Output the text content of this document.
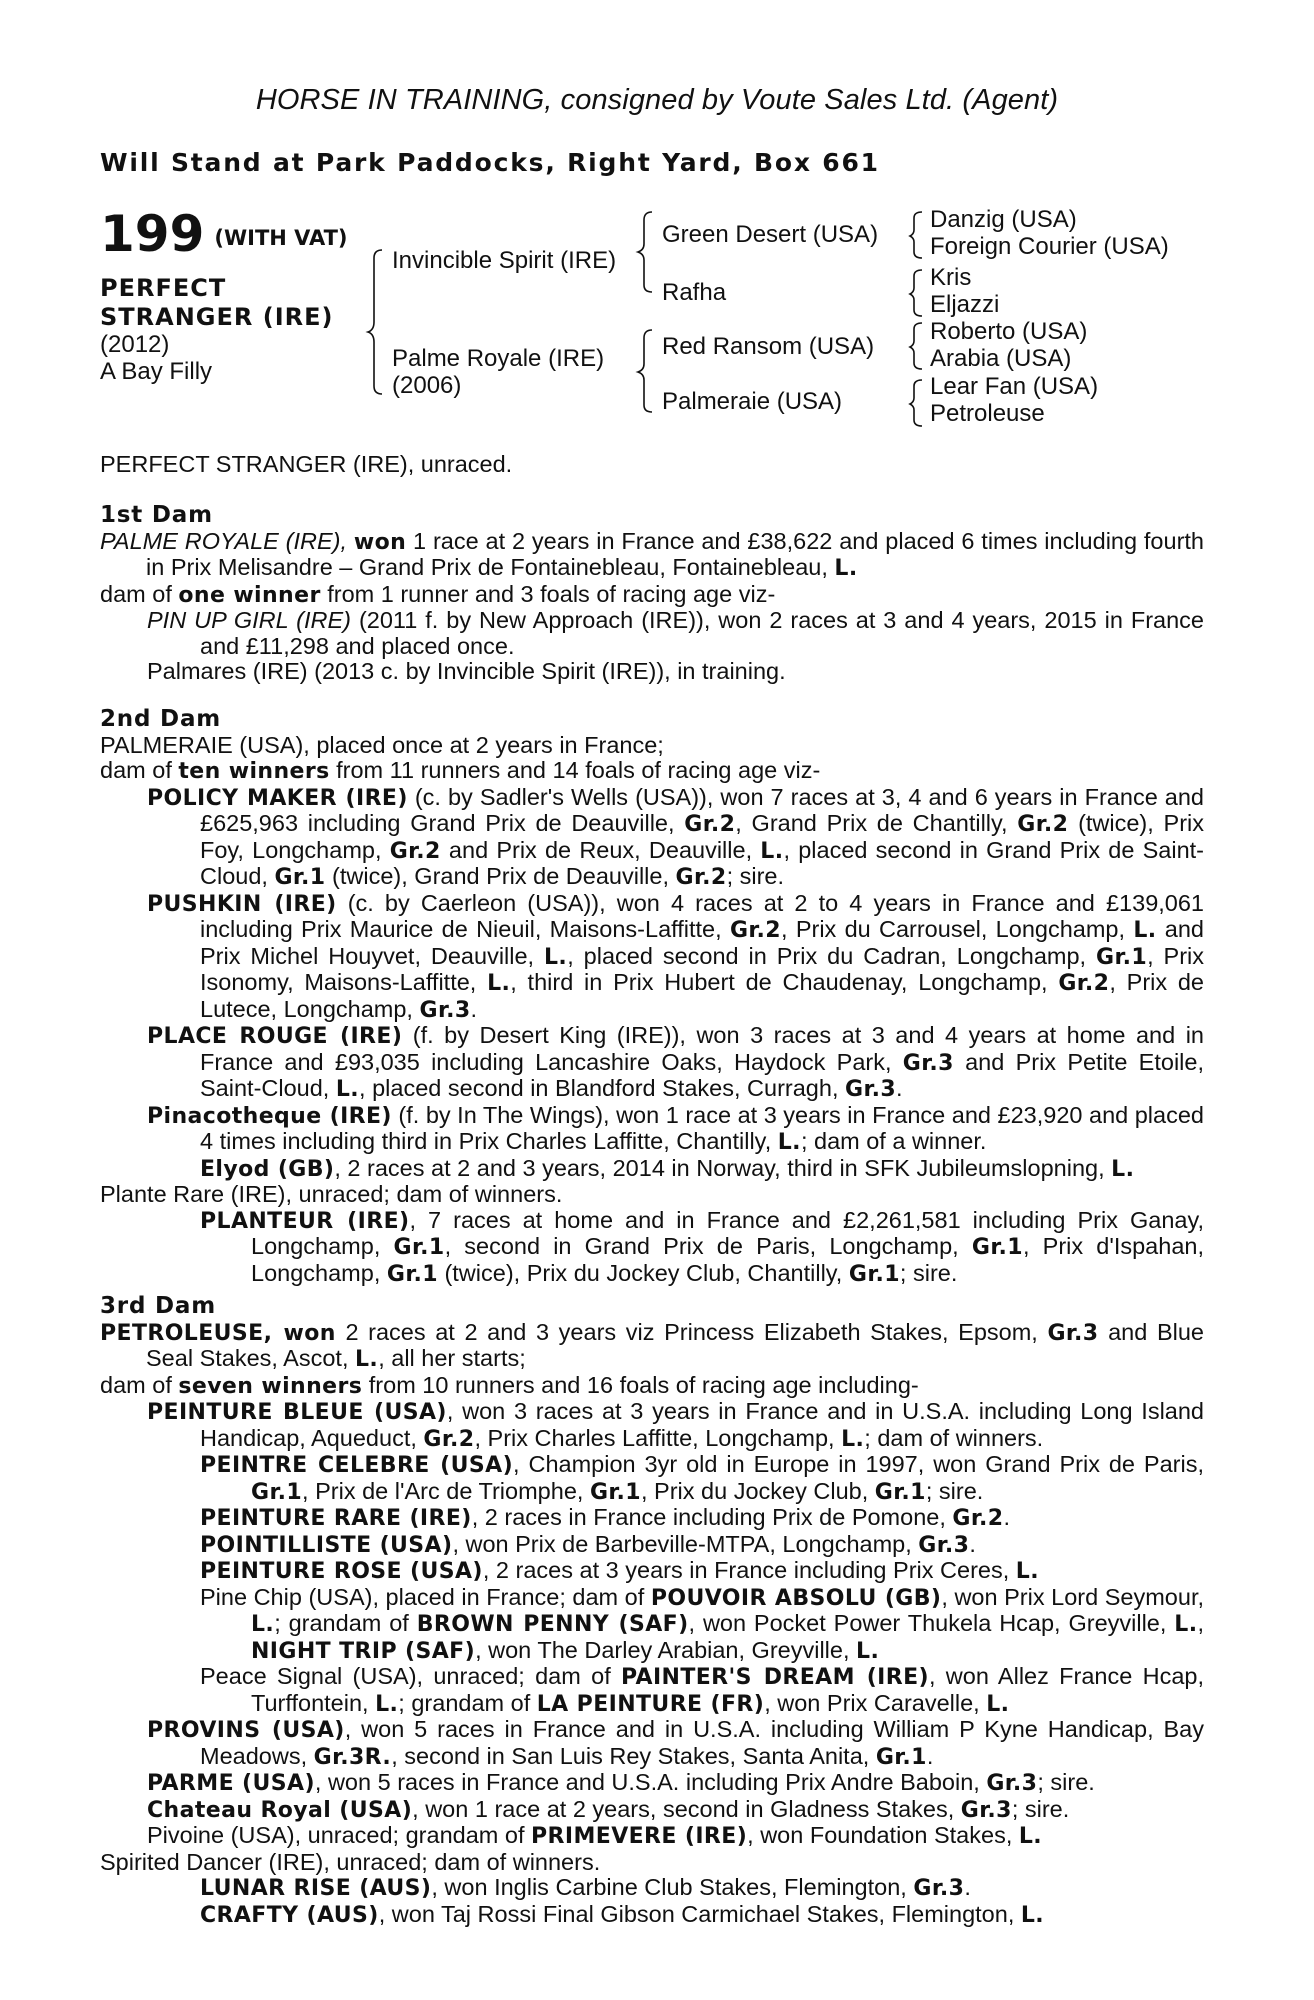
HORSE IN TRAINING, consigned by Voute Sales Ltd. (Agent)
Will Stand at Park Paddocks, Right Yard, Box 661
199 (WITH VAT)
PERFECT
STRANGER (IRE)
(2012)
A Bay Filly
Invincible Spirit (IRE)
Palme Royale (IRE)
(2006)
Green Desert (USA)
Rafha
Red Ransom (USA)
Palmeraie (USA)
Danzig (USA)
Foreign Courier (USA)
Kris
Eljazzi
Roberto (USA)
Arabia (USA)
Lear Fan (USA)
Petroleuse
PERFECT STRANGER (IRE), unraced.
1st Dam

PALME ROYALE (IRE), won 1 race at 2 years in France and £38,622 and placed 6 times including fourth in Prix Melisandre – Grand Prix de Fontainebleau, Fontainebleau, L.

dam of one winner from 1 runner and 3 foals of racing age viz-

PIN UP GIRL (IRE) (2011 f. by New Approach (IRE)), won 2 races at 3 and 4 years, 2015 in France and £11,298 and placed once.

Palmares (IRE) (2013 c. by Invincible Spirit (IRE)), in training.

2nd Dam

PALMERAIE (USA), placed once at 2 years in France;

dam of ten winners from 11 runners and 14 foals of racing age viz-

POLICY MAKER (IRE) (c. by Sadler's Wells (USA)), won 7 races at 3, 4 and 6 years in France and £625,963 including Grand Prix de Deauville, Gr.2, Grand Prix de Chantilly, Gr.2 (twice), Prix Foy, Longchamp, Gr.2 and Prix de Reux, Deauville, L., placed second in Grand Prix de Saint-Cloud, Gr.1 (twice), Grand Prix de Deauville, Gr.2; sire.

PUSHKIN (IRE) (c. by Caerleon (USA)), won 4 races at 2 to 4 years in France and £139,061 including Prix Maurice de Nieuil, Maisons-Laffitte, Gr.2, Prix du Carrousel, Longchamp, L. and Prix Michel Houyvet, Deauville, L., placed second in Prix du Cadran, Longchamp, Gr.1, Prix Isonomy, Maisons-Laffitte, L., third in Prix Hubert de Chaudenay, Longchamp, Gr.2, Prix de Lutece, Longchamp, Gr.3.

PLACE ROUGE (IRE) (f. by Desert King (IRE)), won 3 races at 3 and 4 years at home and in France and £93,035 including Lancashire Oaks, Haydock Park, Gr.3 and Prix Petite Etoile, Saint-Cloud, L., placed second in Blandford Stakes, Curragh, Gr.3.

Pinacotheque (IRE) (f. by In The Wings), won 1 race at 3 years in France and £23,920 and placed 4 times including third in Prix Charles Laffitte, Chantilly, L.; dam of a winner.

Elyod (GB), 2 races at 2 and 3 years, 2014 in Norway, third in SFK Jubileumslopning, L.

Plante Rare (IRE), unraced; dam of winners.

PLANTEUR (IRE), 7 races at home and in France and £2,261,581 including Prix Ganay, Longchamp, Gr.1, second in Grand Prix de Paris, Longchamp, Gr.1, Prix d'Ispahan, Longchamp, Gr.1 (twice), Prix du Jockey Club, Chantilly, Gr.1; sire.

3rd Dam

PETROLEUSE, won 2 races at 2 and 3 years viz Princess Elizabeth Stakes, Epsom, Gr.3 and Blue Seal Stakes, Ascot, L., all her starts;

dam of seven winners from 10 runners and 16 foals of racing age including-

PEINTURE BLEUE (USA), won 3 races at 3 years in France and in U.S.A. including Long Island Handicap, Aqueduct, Gr.2, Prix Charles Laffitte, Longchamp, L.; dam of winners.

PEINTRE CELEBRE (USA), Champion 3yr old in Europe in 1997, won Grand Prix de Paris, Gr.1, Prix de l'Arc de Triomphe, Gr.1, Prix du Jockey Club, Gr.1; sire.

PEINTURE RARE (IRE), 2 races in France including Prix de Pomone, Gr.2.

POINTILLISTE (USA), won Prix de Barbeville-MTPA, Longchamp, Gr.3.

PEINTURE ROSE (USA), 2 races at 3 years in France including Prix Ceres, L.

Pine Chip (USA), placed in France; dam of POUVOIR ABSOLU (GB), won Prix Lord Seymour, L.; grandam of BROWN PENNY (SAF), won Pocket Power Thukela Hcap, Greyville, L., NIGHT TRIP (SAF), won The Darley Arabian, Greyville, L.

Peace Signal (USA), unraced; dam of PAINTER'S DREAM (IRE), won Allez France Hcap, Turffontein, L.; grandam of LA PEINTURE (FR), won Prix Caravelle, L.

PROVINS (USA), won 5 races in France and in U.S.A. including William P Kyne Handicap, Bay Meadows, Gr.3R., second in San Luis Rey Stakes, Santa Anita, Gr.1.

PARME (USA), won 5 races in France and U.S.A. including Prix Andre Baboin, Gr.3; sire.

Chateau Royal (USA), won 1 race at 2 years, second in Gladness Stakes, Gr.3; sire.

Pivoine (USA), unraced; grandam of PRIMEVERE (IRE), won Foundation Stakes, L.

Spirited Dancer (IRE), unraced; dam of winners.

LUNAR RISE (AUS), won Inglis Carbine Club Stakes, Flemington, Gr.3.

CRAFTY (AUS), won Taj Rossi Final Gibson Carmichael Stakes, Flemington, L.
